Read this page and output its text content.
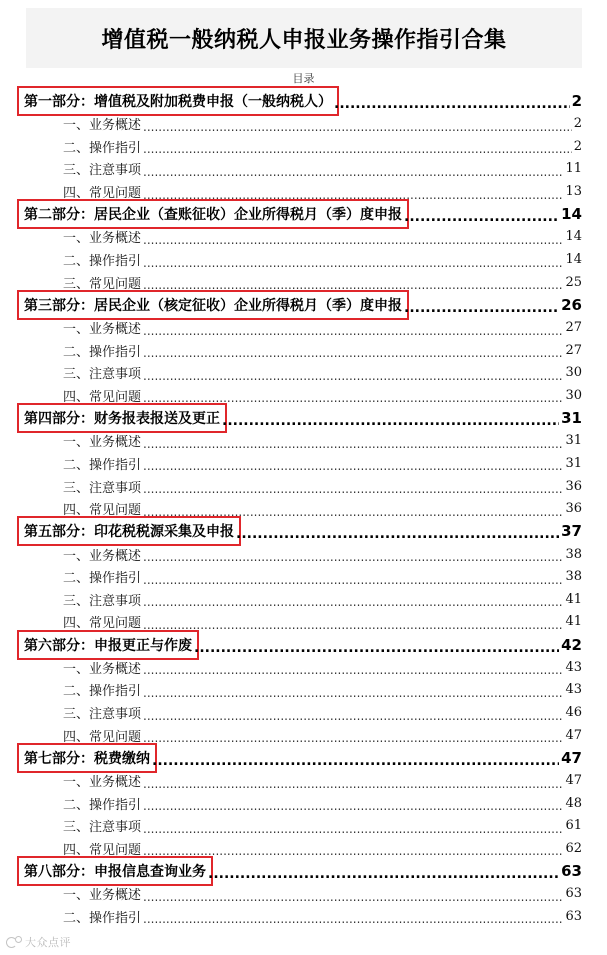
增值税一般纳税人申报业务操作指引合集
目录
第一部分：增值税及附加税费申报（一般纳税人） .....	2
一、业务概述 .....	2
二、操作指引 .....	2
三、注意事项 .....	11
四、常见问题 .....	13
第二部分：居民企业（查账征收）企业所得税月（季）度申报 .....	14
一、业务概述 .....	14
二、操作指引 .....	14
三、常见问题 .....	25
第三部分：居民企业（核定征收）企业所得税月（季）度申报 .....	26
一、业务概述 .....	27
二、操作指引 .....	27
三、注意事项 .....	30
四、常见问题 .....	30
第四部分：财务报表报送及更正 .....	31
一、业务概述 .....	31
二、操作指引 .....	31
三、注意事项 .....	36
四、常见问题 .....	36
第五部分：印花税税源采集及申报 .....	37
一、业务概述 .....	38
二、操作指引 .....	38
三、注意事项 .....	41
四、常见问题 .....	41
第六部分：申报更正与作废 .....	42
一、业务概述 .....	43
二、操作指引 .....	43
三、注意事项 .....	46
四、常见问题 .....	47
第七部分：税费缴纳 .....	47
一、业务概述 .....	47
二、操作指引 .....	48
三、注意事项 .....	61
四、常见问题 .....	62
第八部分：申报信息查询业务 .....	63
一、业务概述 .....	63
二、操作指引 .....	63
大众点评
